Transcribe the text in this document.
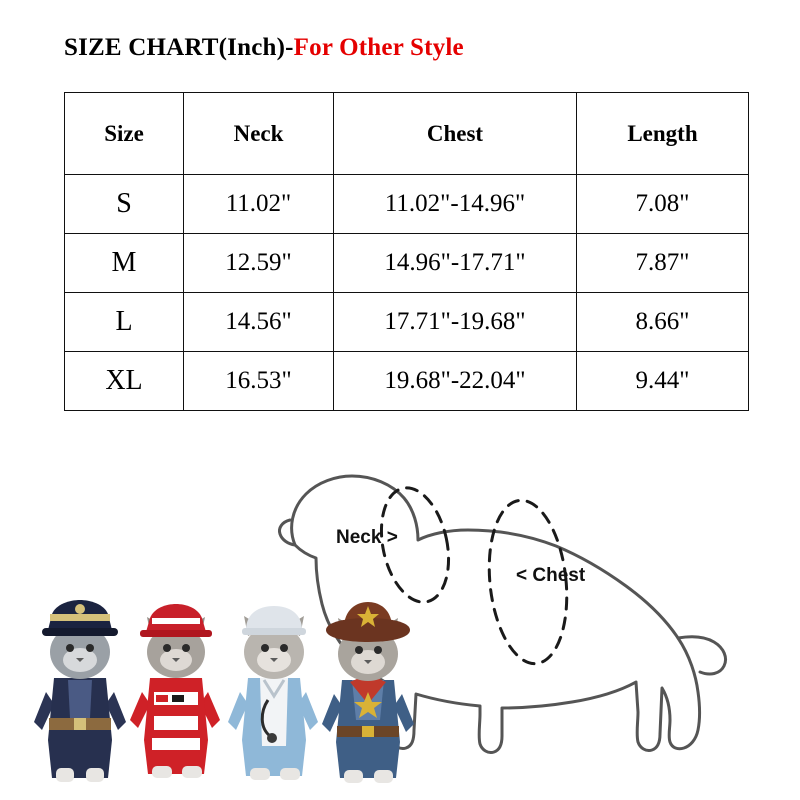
SIZE CHART(Inch)-For Other Style
Size	Neck	Chest	Length
S	11.02"	11.02"-14.96"	7.08"
M	12.59"	14.96"-17.71"	7.87"
L	14.56"	17.71"-19.68"	8.66"
XL	16.53"	19.68"-22.04"	9.44"
Neck >
< Chest
